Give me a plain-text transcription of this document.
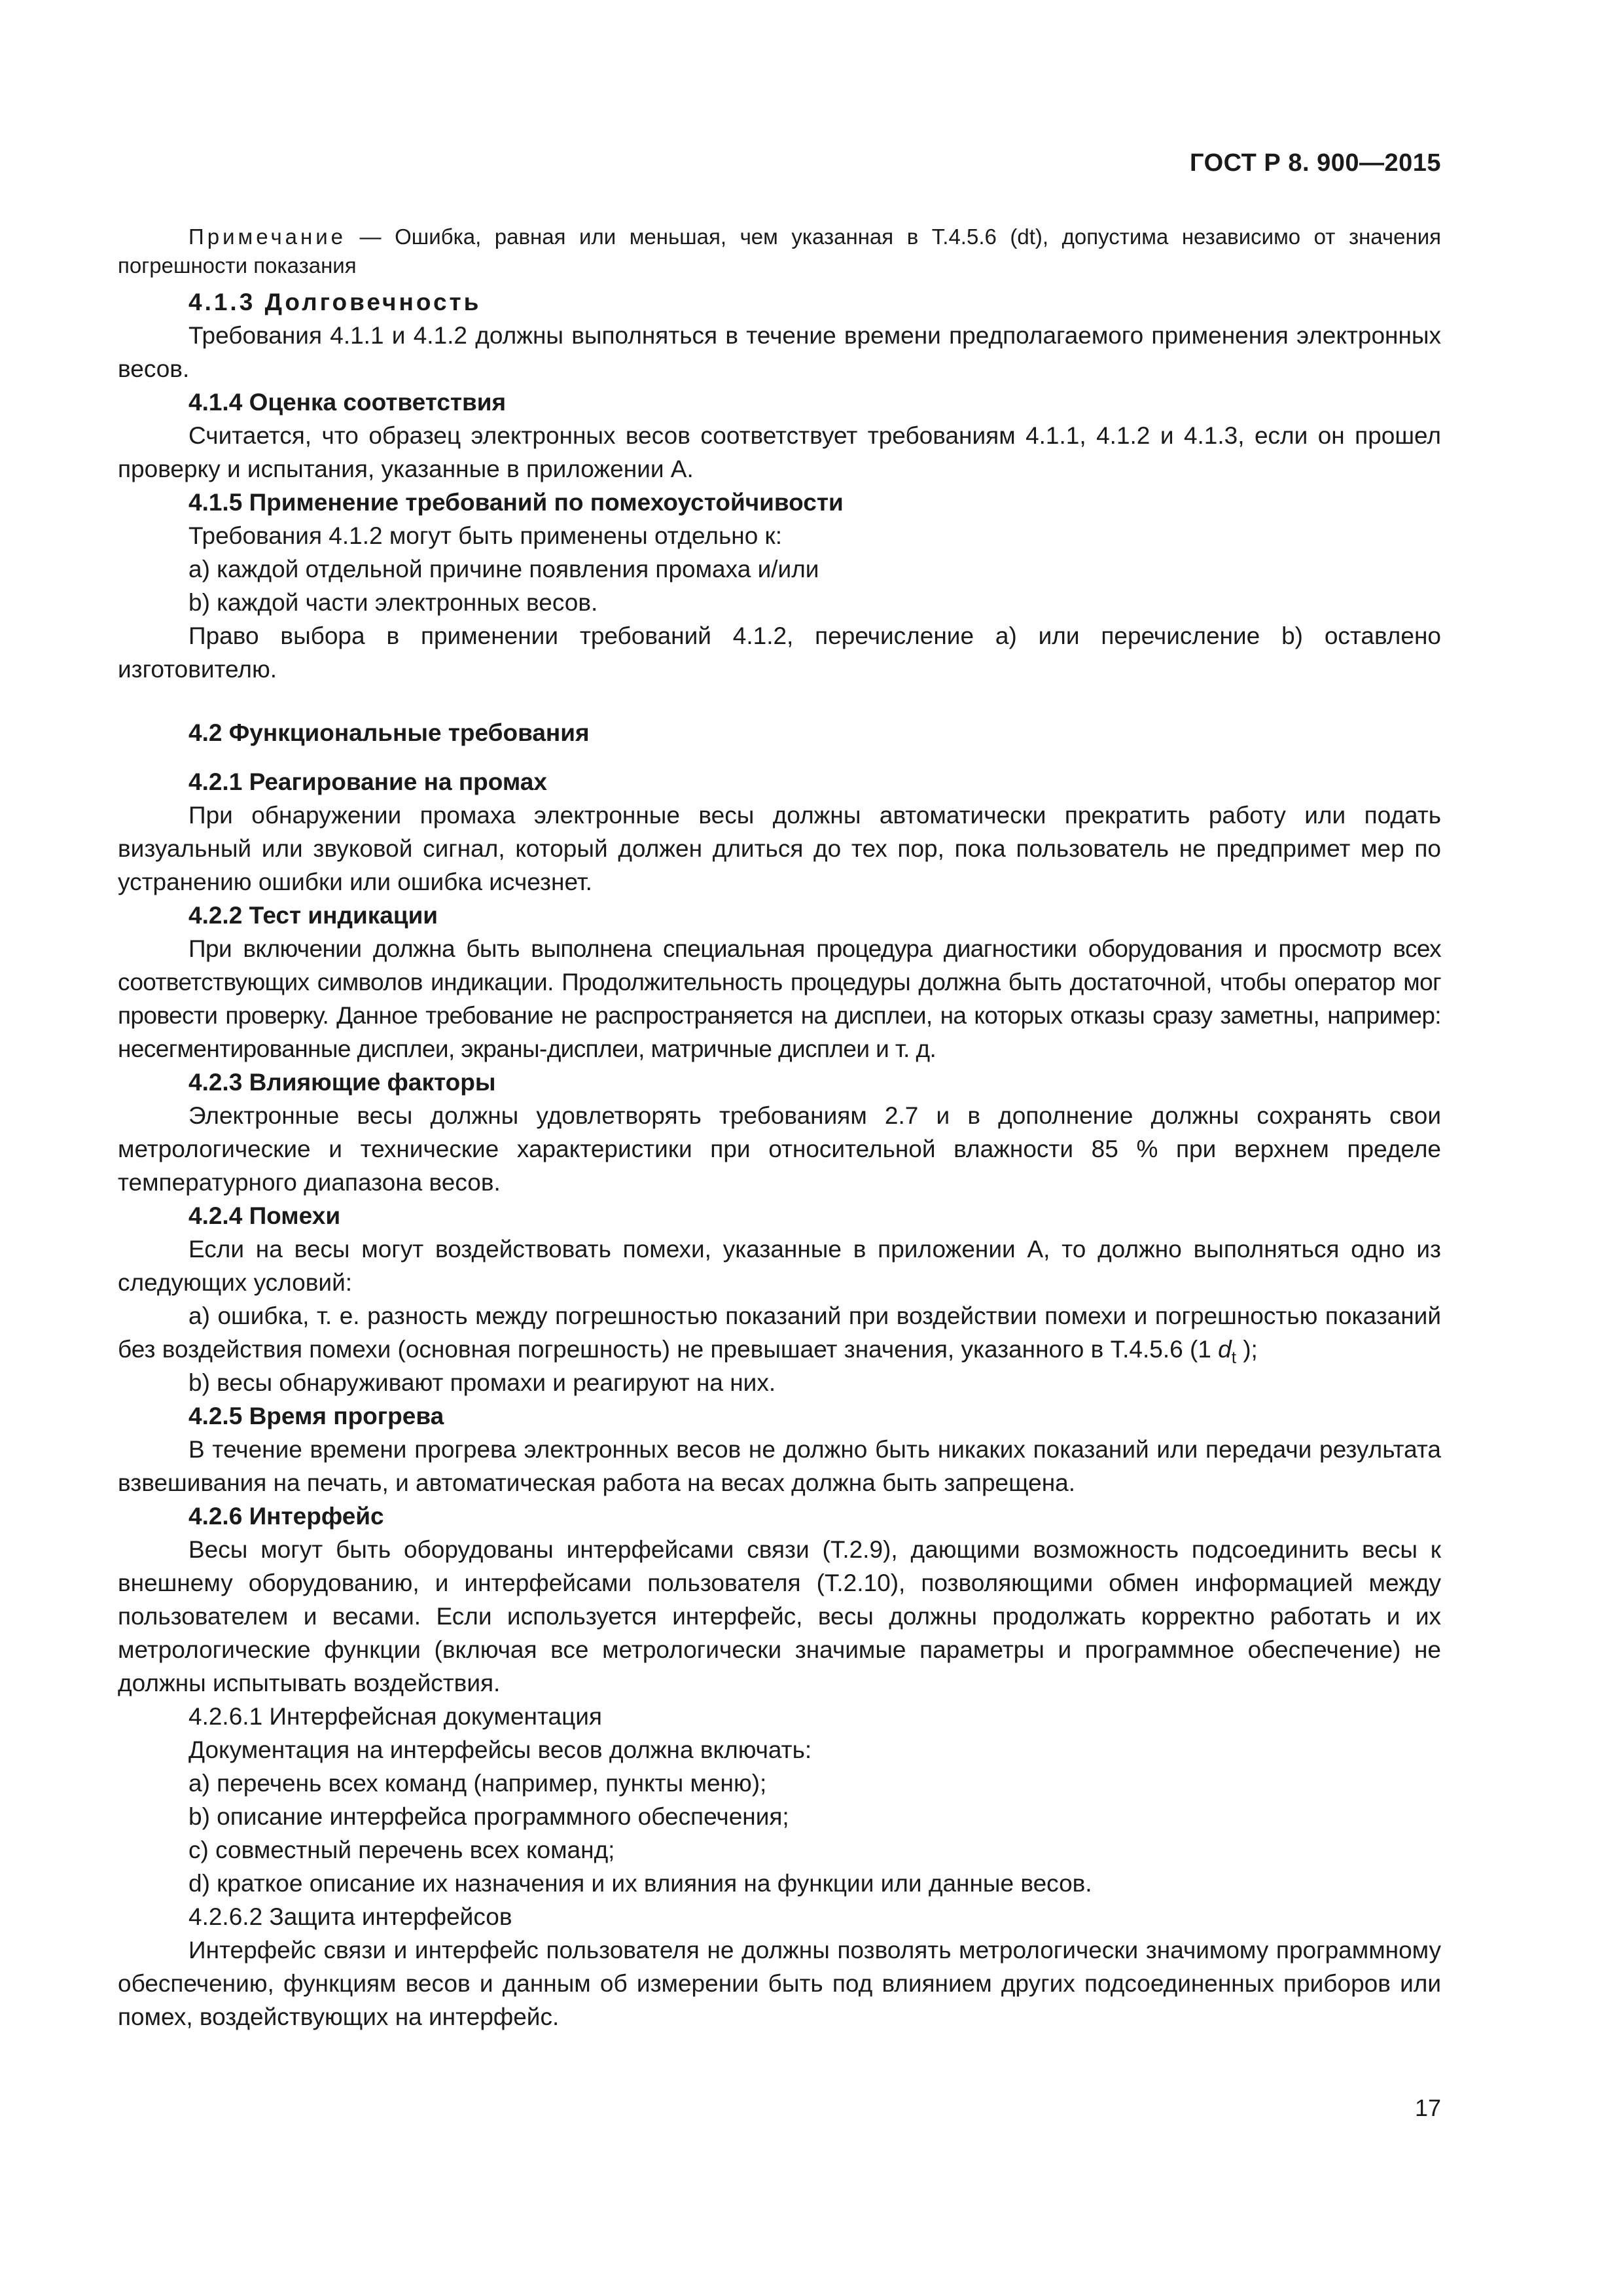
ГОСТ Р 8. 900—2015

Примечание — Ошибка, равная или меньшая, чем указанная в Т.4.5.6 (dt), допустима независимо от значения погрешности показания

4.1.3 Долговечность

Требования 4.1.1 и 4.1.2 должны выполняться в течение времени предполагаемого применения электронных весов.

4.1.4 Оценка соответствия

Считается, что образец электронных весов соответствует требованиям 4.1.1, 4.1.2 и 4.1.3, если он прошел проверку и испытания, указанные в приложении А.

4.1.5 Применение требований по помехоустойчивости

Требования 4.1.2 могут быть применены отдельно к:

а) каждой отдельной причине появления промаха и/или

b) каждой части электронных весов.

Право выбора в применении требований 4.1.2, перечисление а) или перечисление b) оставлено изготовителю.

4.2 Функциональные требования

4.2.1 Реагирование на промах

При обнаружении промаха электронные весы должны автоматически прекратить работу или подать визуальный или звуковой сигнал, который должен длиться до тех пор, пока пользователь не предпримет мер по устранению ошибки или ошибка исчезнет.

4.2.2 Тест индикации

При включении должна быть выполнена специальная процедура диагностики оборудования и просмотр всех соответствующих символов индикации. Продолжительность процедуры должна быть достаточной, чтобы оператор мог провести проверку. Данное требование не распространяется на дисплеи, на которых отказы сразу заметны, например: несегментированные дисплеи, экраны-дисплеи, матричные дисплеи и т. д.

4.2.3 Влияющие факторы

Электронные весы должны удовлетворять требованиям 2.7 и в дополнение должны сохранять свои метрологические и технические характеристики при относительной влажности 85 % при верхнем пределе температурного диапазона весов.

4.2.4 Помехи

Если на весы могут воздействовать помехи, указанные в приложении А, то должно выполняться одно из следующих условий:

а) ошибка, т. е. разность между погрешностью показаний при воздействии помехи и погрешностью показаний без воздействия помехи (основная погрешность) не превышает значения, указанного в Т.4.5.6 (1 $d_t$ );

b) весы обнаруживают промахи и реагируют на них.

4.2.5 Время прогрева

В течение времени прогрева электронных весов не должно быть никаких показаний или передачи результата взвешивания на печать, и автоматическая работа на весах должна быть запрещена.

4.2.6 Интерфейс

Весы могут быть оборудованы интерфейсами связи (Т.2.9), дающими возможность подсоединить весы к внешнему оборудованию, и интерфейсами пользователя (Т.2.10), позволяющими обмен информацией между пользователем и весами. Если используется интерфейс, весы должны продолжать корректно работать и их метрологические функции (включая все метрологически значимые параметры и программное обеспечение) не должны испытывать воздействия.

4.2.6.1 Интерфейсная документация

Документация на интерфейсы весов должна включать:

а) перечень всех команд (например, пункты меню);

b) описание интерфейса программного обеспечения;

с) совместный перечень всех команд;

d) краткое описание их назначения и их влияния на функции или данные весов.

4.2.6.2 Защита интерфейсов

Интерфейс связи и интерфейс пользователя не должны позволять метрологически значимому программному обеспечению, функциям весов и данным об измерении быть под влиянием других подсоединенных приборов или помех, воздействующих на интерфейс.

17
